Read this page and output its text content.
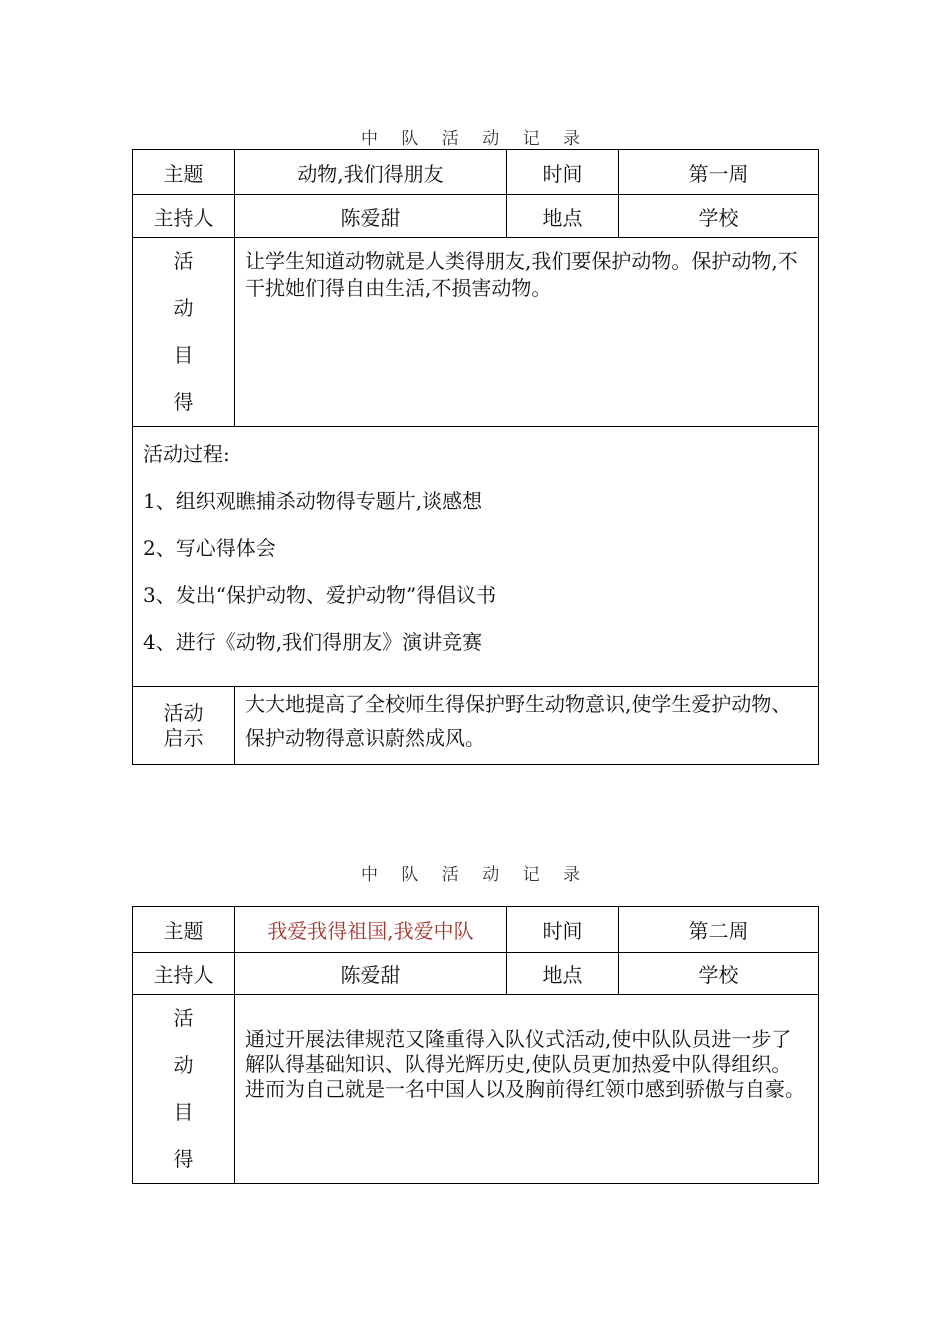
中 队 活 动 记 录
主题	动物,我们得朋友	时间	第一周
主持人	陈爱甜	地点	学校

活
动
目
得	让学生知道动物就是人类得朋友,我们要保护动物。保护动物,不干扰她们得自由生活,不损害动物。		

活动过程:
1、组织观瞧捕杀动物得专题片,谈感想
2、写心得体会
3、发出“保护动物、爱护动物”得倡议书
4、进行《动物,我们得朋友》演讲竞赛			

活动
启示	大大地提高了全校师生得保护野生动物意识,使学生爱护动物、保护动物得意识蔚然成风。		
中 队 活 动 记 录
主题	我爱我得祖国,我爱中队	时间	第二周
主持人	陈爱甜	地点	学校

活
动
目
得	通过开展法律规范又隆重得入队仪式活动,使中队队员进一步了解队得基础知识、队得光辉历史,使队员更加热爱中队得组织。进而为自己就是一名中国人以及胸前得红领巾感到骄傲与自豪。		
